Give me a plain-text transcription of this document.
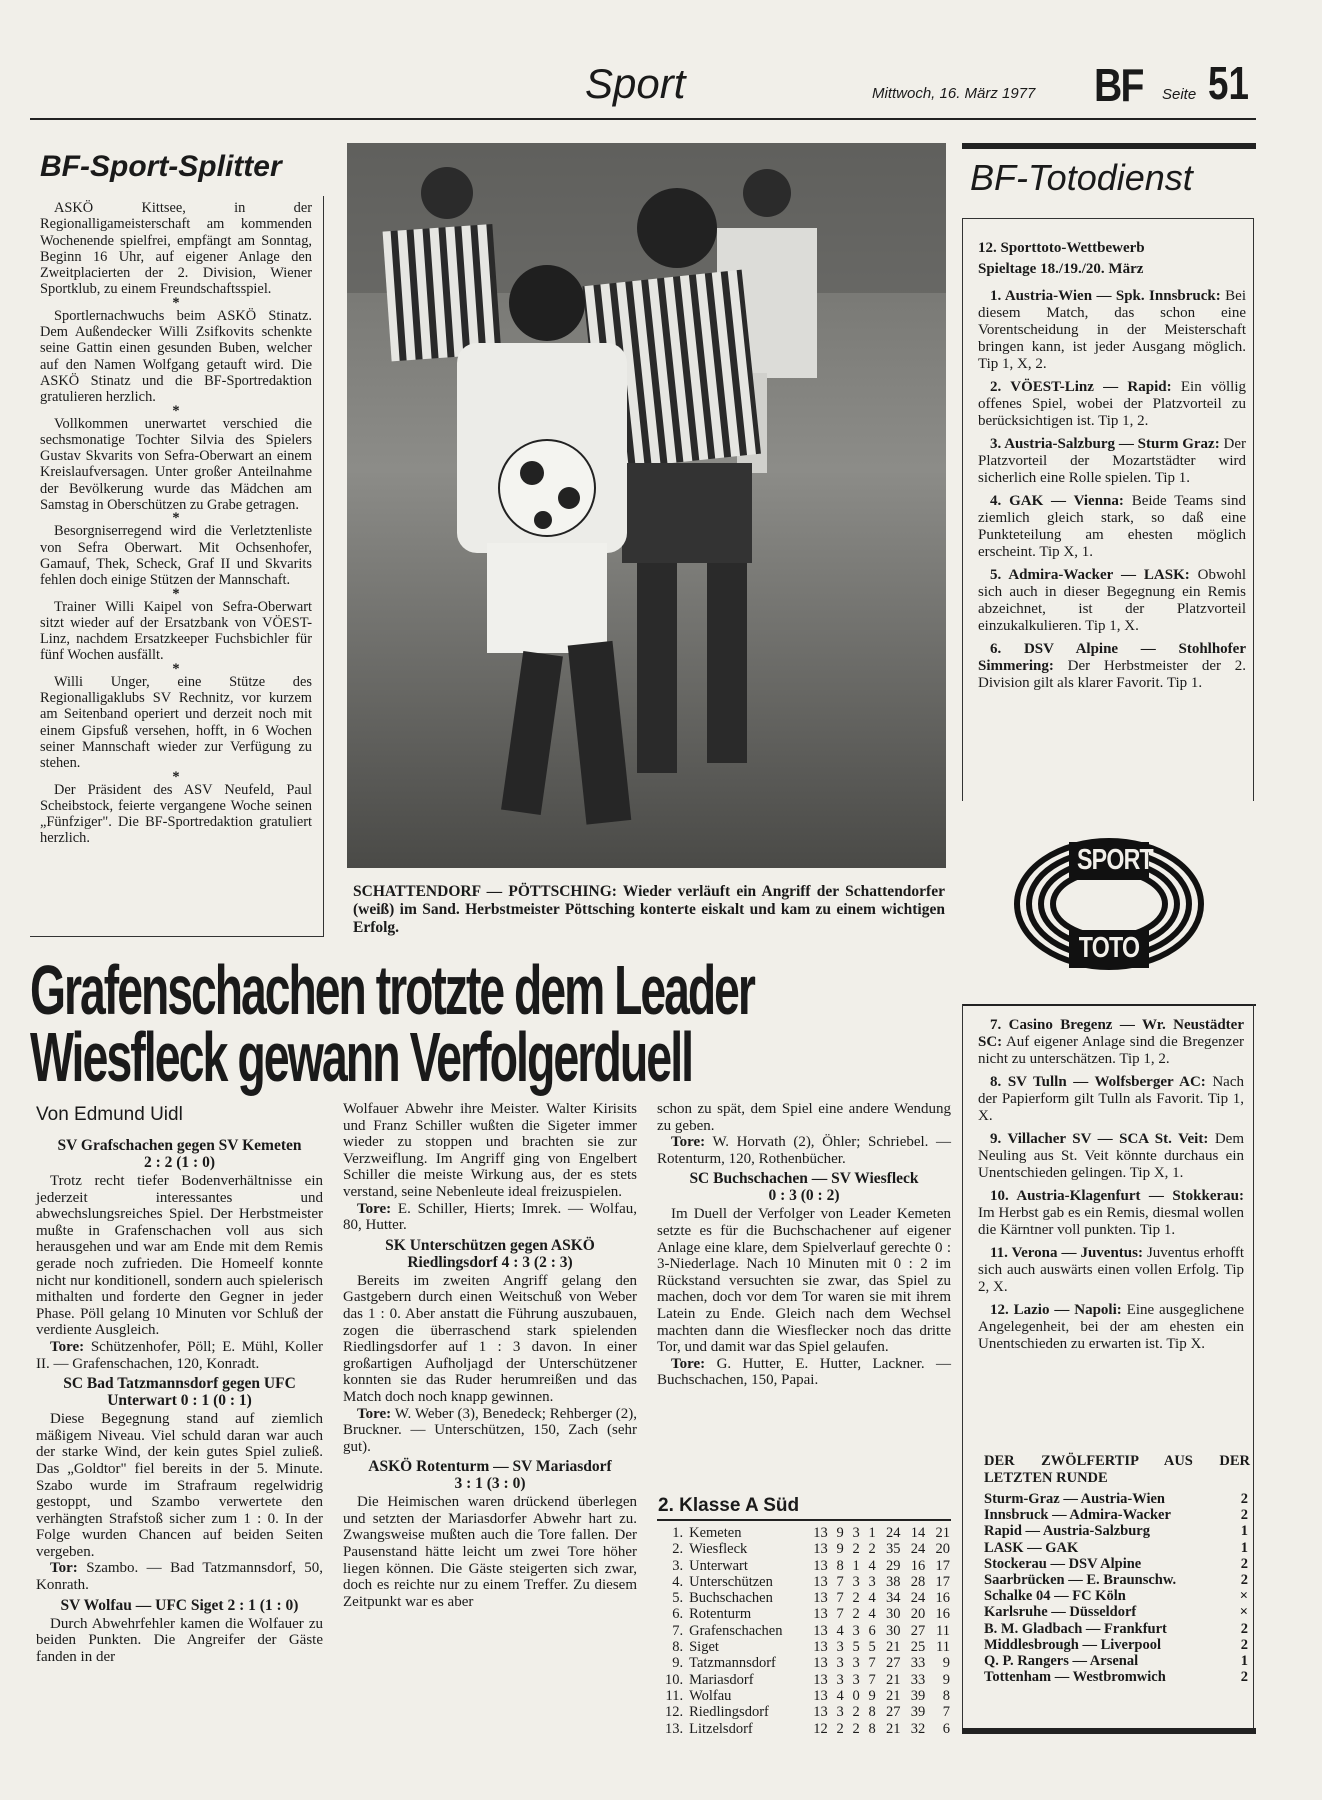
Sport	Mittwoch, 16. März 1977 BF Seite 51
BF-Sport-Splitter

ASKÖ Kittsee, in der Regionalligameisterschaft am kommenden Wochenende spielfrei, empfängt am Sonntag, Beginn 16 Uhr, auf eigener Anlage den Zweitplacierten der 2. Division, Wiener Sportklub, zu einem Freundschaftsspiel.

*

Sportlernachwuchs beim ASKÖ Stinatz. Dem Außendecker Willi Zsifkovits schenkte seine Gattin einen gesunden Buben, welcher auf den Namen Wolfgang getauft wird. Die ASKÖ Stinatz und die BF-Sportredaktion gratulieren herzlich.

*

Vollkommen unerwartet verschied die sechsmonatige Tochter Silvia des Spielers Gustav Skvarits von Sefra-Oberwart an einem Kreislaufversagen. Unter großer Anteilnahme der Bevölkerung wurde das Mädchen am Samstag in Oberschützen zu Grabe getragen.

*

Besorgniserregend wird die Verletztenliste von Sefra Oberwart. Mit Ochsenhofer, Gamauf, Thek, Scheck, Graf II und Skvarits fehlen doch einige Stützen der Mannschaft.

*

Trainer Willi Kaipel von Sefra-Oberwart sitzt wieder auf der Ersatzbank von VÖEST-Linz, nachdem Ersatzkeeper Fuchsbichler für fünf Wochen ausfällt.

*

Willi Unger, eine Stütze des Regionalligaklubs SV Rechnitz, vor kurzem am Seitenband operiert und derzeit noch mit einem Gipsfuß versehen, hofft, in 6 Wochen seiner Mannschaft wieder zur Verfügung zu stehen.

*

Der Präsident des ASV Neufeld, Paul Scheibstock, feierte vergangene Woche seinen „Fünfziger". Die BF-Sportredaktion gratuliert herzlich.

SCHATTENDORF — PÖTTSCHING: Wieder verläuft ein Angriff der Schattendorfer (weiß) im Sand. Herbstmeister Pöttsching konterte eiskalt und kam zu einem wichtigen Erfolg.
Grafenschachen trotzte dem Leader
Wiesfleck gewann Verfolgerduell
Von Edmund Uidl
SV Grafschachen gegen SV Kemeten
2 : 2 (1 : 0)

Trotz recht tiefer Bodenverhältnisse ein jederzeit interessantes und abwechslungsreiches Spiel. Der Herbstmeister mußte in Grafenschachen voll aus sich herausgehen und war am Ende mit dem Remis gerade noch zufrieden. Die Homeelf konnte nicht nur konditionell, sondern auch spielerisch mithalten und forderte den Gegner in jeder Phase. Pöll gelang 10 Minuten vor Schluß der verdiente Ausgleich.

Tore: Schützenhofer, Pöll; E. Mühl, Koller II. — Grafenschachen, 120, Konradt.

SC Bad Tatzmannsdorf gegen UFC Unterwart 0 : 1 (0 : 1)

Diese Begegnung stand auf ziemlich mäßigem Niveau. Viel schuld daran war auch der starke Wind, der kein gutes Spiel zuließ. Das „Goldtor" fiel bereits in der 5. Minute. Szabo wurde im Strafraum regelwidrig gestoppt, und Szambo verwertete den verhängten Strafstoß sicher zum 1 : 0. In der Folge wurden Chancen auf beiden Seiten vergeben.

Tor: Szambo. — Bad Tatzmannsdorf, 50, Konrath.

SV Wolfau — UFC Siget 2 : 1 (1 : 0)

Durch Abwehrfehler kamen die Wolfauer zu beiden Punkten. Die Angreifer der Gäste fanden in der

Wolfauer Abwehr ihre Meister. Walter Kirisits und Franz Schiller wußten die Sigeter immer wieder zu stoppen und brachten sie zur Verzweiflung. Im Angriff ging von Engelbert Schiller die meiste Wirkung aus, der es stets verstand, seine Nebenleute ideal freizuspielen.

Tore: E. Schiller, Hierts; Imrek. — Wolfau, 80, Hutter.

SK Unterschützen gegen ASKÖ Riedlingsdorf 4 : 3 (2 : 3)

Bereits im zweiten Angriff gelang den Gastgebern durch einen Weitschuß von Weber das 1 : 0. Aber anstatt die Führung auszubauen, zogen die überraschend stark spielenden Riedlingsdorfer auf 1 : 3 davon. In einer großartigen Aufholjagd der Unterschützener konnten sie das Ruder herumreißen und das Match doch noch knapp gewinnen.

Tore: W. Weber (3), Benedeck; Rehberger (2), Bruckner. — Unterschützen, 150, Zach (sehr gut).

ASKÖ Rotenturm — SV Mariasdorf
3 : 1 (3 : 0)

Die Heimischen waren drückend überlegen und setzten der Mariasdorfer Abwehr hart zu. Zwangsweise mußten auch die Tore fallen. Der Pausenstand hätte leicht um zwei Tore höher liegen können. Die Gäste steigerten sich zwar, doch es reichte nur zu einem Treffer. Zu diesem Zeitpunkt war es aber

schon zu spät, dem Spiel eine andere Wendung zu geben.

Tore: W. Horvath (2), Öhler; Schriebel. — Rotenturm, 120, Rothenbücher.

SC Buchschachen — SV Wiesfleck
0 : 3 (0 : 2)

Im Duell der Verfolger von Leader Kemeten setzte es für die Buchschachener auf eigener Anlage eine klare, dem Spielverlauf gerechte 0 : 3-Niederlage. Nach 10 Minuten mit 0 : 2 im Rückstand versuchten sie zwar, das Spiel zu machen, doch vor dem Tor waren sie mit ihrem Latein zu Ende. Gleich nach dem Wechsel machten dann die Wiesflecker noch das dritte Tor, und damit war das Spiel gelaufen.

Tore: G. Hutter, E. Hutter, Lackner. — Buchschachen, 150, Papai.

2. Klasse A Süd
1.	Kemeten	13	9	3	1	24	14	21
2.	Wiesfleck	13	9	2	2	35	24	20
3.	Unterwart	13	8	1	4	29	16	17
4.	Unterschützen	13	7	3	3	38	28	17
5.	Buchschachen	13	7	2	4	34	24	16
6.	Rotenturm	13	7	2	4	30	20	16
7.	Grafenschachen	13	4	3	6	30	27	11
8.	Siget	13	3	5	5	21	25	11
9.	Tatzmannsdorf	13	3	3	7	27	33	9
10.	Mariasdorf	13	3	3	7	21	33	9
11.	Wolfau	13	4	0	9	21	39	8
12.	Riedlingsdorf	13	3	2	8	27	39	7
13.	Litzelsdorf	12	2	2	8	21	32	6
BF-Totodienst
12. Sporttoto-Wettbewerb
Spieltage 18./19./20. März

1. Austria-Wien — Spk. Innsbruck: Bei diesem Match, das schon eine Vorentscheidung in der Meisterschaft bringen kann, ist jeder Ausgang möglich. Tip 1, X, 2.

2. VÖEST-Linz — Rapid: Ein völlig offenes Spiel, wobei der Platzvorteil zu berücksichtigen ist. Tip 1, 2.

3. Austria-Salzburg — Sturm Graz: Der Platzvorteil der Mozartstädter wird sicherlich eine Rolle spielen. Tip 1.

4. GAK — Vienna: Beide Teams sind ziemlich gleich stark, so daß eine Punkteteilung am ehesten möglich erscheint. Tip X, 1.

5. Admira-Wacker — LASK: Obwohl sich auch in dieser Begegnung ein Remis abzeichnet, ist der Platzvorteil einzukalkulieren. Tip 1, X.

6. DSV Alpine — Stohlhofer Simmering: Der Herbstmeister der 2. Division gilt als klarer Favorit. Tip 1.

SPORT
TOTO

7. Casino Bregenz — Wr. Neustädter SC: Auf eigener Anlage sind die Bregenzer nicht zu unterschätzen. Tip 1, 2.

8. SV Tulln — Wolfsberger AC: Nach der Papierform gilt Tulln als Favorit. Tip 1, X.

9. Villacher SV — SCA St. Veit: Dem Neuling aus St. Veit könnte durchaus ein Unentschieden gelingen. Tip X, 1.

10. Austria-Klagenfurt — Stokkerau: Im Herbst gab es ein Remis, diesmal wollen die Kärntner voll punkten. Tip 1.

11. Verona — Juventus: Juventus erhofft sich auch auswärts einen vollen Erfolg. Tip 2, X.

12. Lazio — Napoli: Eine ausgeglichene Angelegenheit, bei der am ehesten ein Unentschieden zu erwarten ist. Tip X.

DER ZWÖLFERTIP AUS DER LETZTEN RUNDE
Sturm-Graz — Austria-Wien	2
Innsbruck — Admira-Wacker	2
Rapid — Austria-Salzburg	1
LASK — GAK	1
Stockerau — DSV Alpine	2
Saarbrücken — E. Braunschw.	2
Schalke 04 — FC Köln	×
Karlsruhe — Düsseldorf	×
B. M. Gladbach — Frankfurt	2
Middlesbrough — Liverpool	2
Q. P. Rangers — Arsenal	1
Tottenham — Westbromwich	2
